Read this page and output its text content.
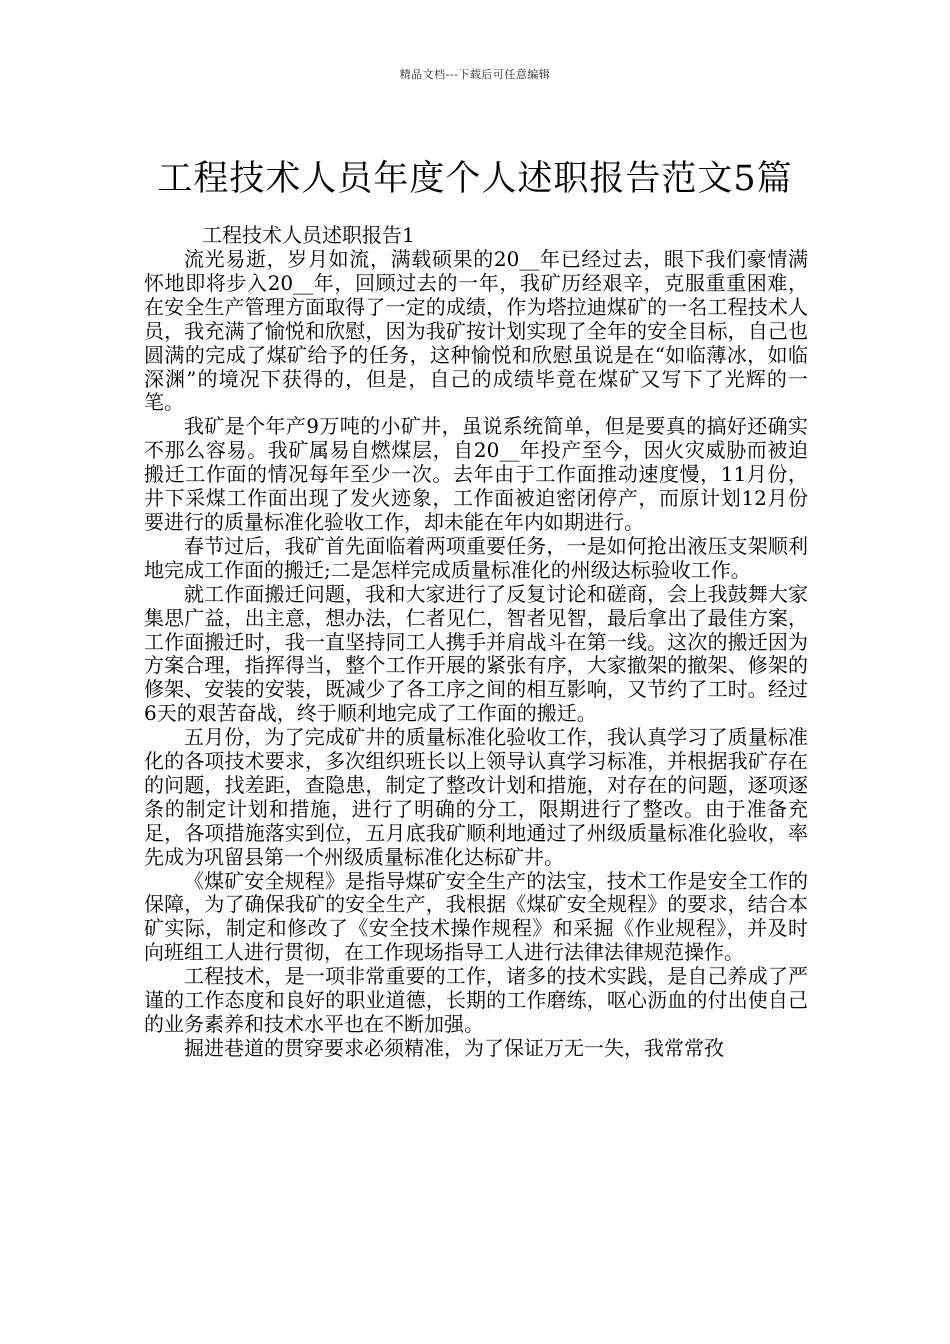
精品文档---下载后可任意编辑
工程技术人员年度个人述职报告范文5篇
工程技术人员述职报告1

流光易逝，岁月如流，满载硕果的20__年已经过去，眼下我们豪情满怀地即将步入20__年，回顾过去的一年，我矿历经艰辛，克服重重困难，在安全生产管理方面取得了一定的成绩，作为塔拉迪煤矿的一名工程技术人员，我充满了愉悦和欣慰，因为我矿按计划实现了全年的安全目标，自己也圆满的完成了煤矿给予的任务，这种愉悦和欣慰虽说是在“如临薄冰，如临深渊”的境况下获得的，但是，自己的成绩毕竟在煤矿又写下了光辉的一笔。

我矿是个年产9万吨的小矿井，虽说系统简单，但是要真的搞好还确实不那么容易。我矿属易自燃煤层，自20__年投产至今，因火灾威胁而被迫搬迁工作面的情况每年至少一次。去年由于工作面推动速度慢，11月份，井下采煤工作面出现了发火迹象，工作面被迫密闭停产，而原计划12月份要进行的质量标准化验收工作，却未能在年内如期进行。

春节过后，我矿首先面临着两项重要任务，一是如何抢出液压支架顺利地完成工作面的搬迁;二是怎样完成质量标准化的州级达标验收工作。

就工作面搬迁问题，我和大家进行了反复讨论和磋商，会上我鼓舞大家集思广益，出主意，想办法，仁者见仁，智者见智，最后拿出了最佳方案，工作面搬迁时，我一直坚持同工人携手并肩战斗在第一线。这次的搬迁因为方案合理，指挥得当，整个工作开展的紧张有序，大家撤架的撤架、修架的修架、安装的安装，既减少了各工序之间的相互影响，又节约了工时。经过6天的艰苦奋战，终于顺利地完成了工作面的搬迁。

五月份，为了完成矿井的质量标准化验收工作，我认真学习了质量标准化的各项技术要求，多次组织班长以上领导认真学习标准，并根据我矿存在的问题，找差距，查隐患，制定了整改计划和措施，对存在的问题，逐项逐条的制定计划和措施，进行了明确的分工，限期进行了整改。由于准备充足，各项措施落实到位，五月底我矿顺利地通过了州级质量标准化验收，率先成为巩留县第一个州级质量标准化达标矿井。

《煤矿安全规程》是指导煤矿安全生产的法宝，技术工作是安全工作的保障，为了确保我矿的安全生产，我根据《煤矿安全规程》的要求，结合本矿实际，制定和修改了《安全技术操作规程》和采掘《作业规程》，并及时向班组工人进行贯彻，在工作现场指导工人进行法律法律规范操作。

工程技术，是一项非常重要的工作，诸多的技术实践，是自己养成了严谨的工作态度和良好的职业道德，长期的工作磨练，呕心沥血的付出使自己的业务素养和技术水平也在不断加强。

掘进巷道的贯穿要求必须精准，为了保证万无一失，我常常孜
